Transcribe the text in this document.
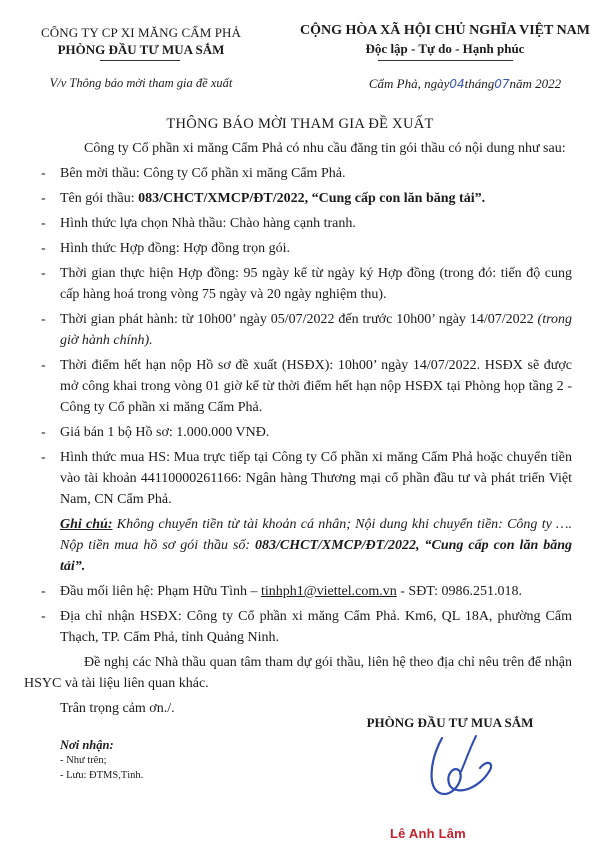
CÔNG TY CP XI MĂNG CẨM PHẢ
PHÒNG ĐẦU TƯ MUA SẮM
CỘNG HÒA XÃ HỘI CHỦ NGHĨA VIỆT NAM
Độc lập - Tự do - Hạnh phúc
V/v Thông báo mời tham gia đề xuất	Cẩm Phả, ngày04tháng07năm 2022
THÔNG BÁO MỜI THAM GIA ĐỀ XUẤT

Công ty Cổ phần xi măng Cẩm Phả có nhu cầu đăng tin gói thầu có nội dung như sau:

- Bên mời thầu: Công ty Cổ phần xi măng Cẩm Phả.

- Tên gói thầu: 083/CHCT/XMCP/ĐT/2022, “Cung cấp con lăn băng tải”.

- Hình thức lựa chọn Nhà thầu: Chào hàng cạnh tranh.

- Hình thức Hợp đồng: Hợp đồng trọn gói.

- Thời gian thực hiện Hợp đồng: 95 ngày kể từ ngày ký Hợp đồng (trong đó: tiến độ cung cấp hàng hoá trong vòng 75 ngày và 20 ngày nghiệm thu).

- Thời gian phát hành: từ 10h00’ ngày 05/07/2022 đến trước 10h00’ ngày 14/07/2022 (trong giờ hành chính).

- Thời điểm hết hạn nộp Hồ sơ đề xuất (HSĐX): 10h00’ ngày 14/07/2022. HSĐX sẽ được mở công khai trong vòng 01 giờ kể từ thời điểm hết hạn nộp HSĐX tại Phòng họp tầng 2 - Công ty Cổ phần xi măng Cẩm Phả.

- Giá bán 1 bộ Hồ sơ: 1.000.000 VNĐ.

- Hình thức mua HS: Mua trực tiếp tại Công ty Cổ phần xi măng Cẩm Phả hoặc chuyển tiền vào tài khoản 44110000261166: Ngân hàng Thương mại cổ phần đầu tư và phát triển Việt Nam, CN Cẩm Phả.

Ghi chú: Không chuyển tiền từ tài khoản cá nhân; Nội dung khi chuyển tiền: Công ty …. Nộp tiền mua hồ sơ gói thầu số: 083/CHCT/XMCP/ĐT/2022, “Cung cấp con lăn băng tải”.

- Đầu mối liên hệ: Phạm Hữu Tình – tinhph1@viettel.com.vn - SĐT: 0986.251.018.

- Địa chỉ nhận HSĐX: Công ty Cổ phần xi măng Cẩm Phả. Km6, QL 18A, phường Cẩm Thạch, TP. Cẩm Phả, tỉnh Quảng Ninh.

Đề nghị các Nhà thầu quan tâm tham dự gói thầu, liên hệ theo địa chỉ nêu trên để nhận HSYC và tài liệu liên quan khác.

Trân trọng cảm ơn./.

PHÒNG ĐẦU TƯ MUA SẮM
Lê Anh Lâm
Nơi nhận:
- Như trên;
- Lưu: ĐTMS,Tình.
